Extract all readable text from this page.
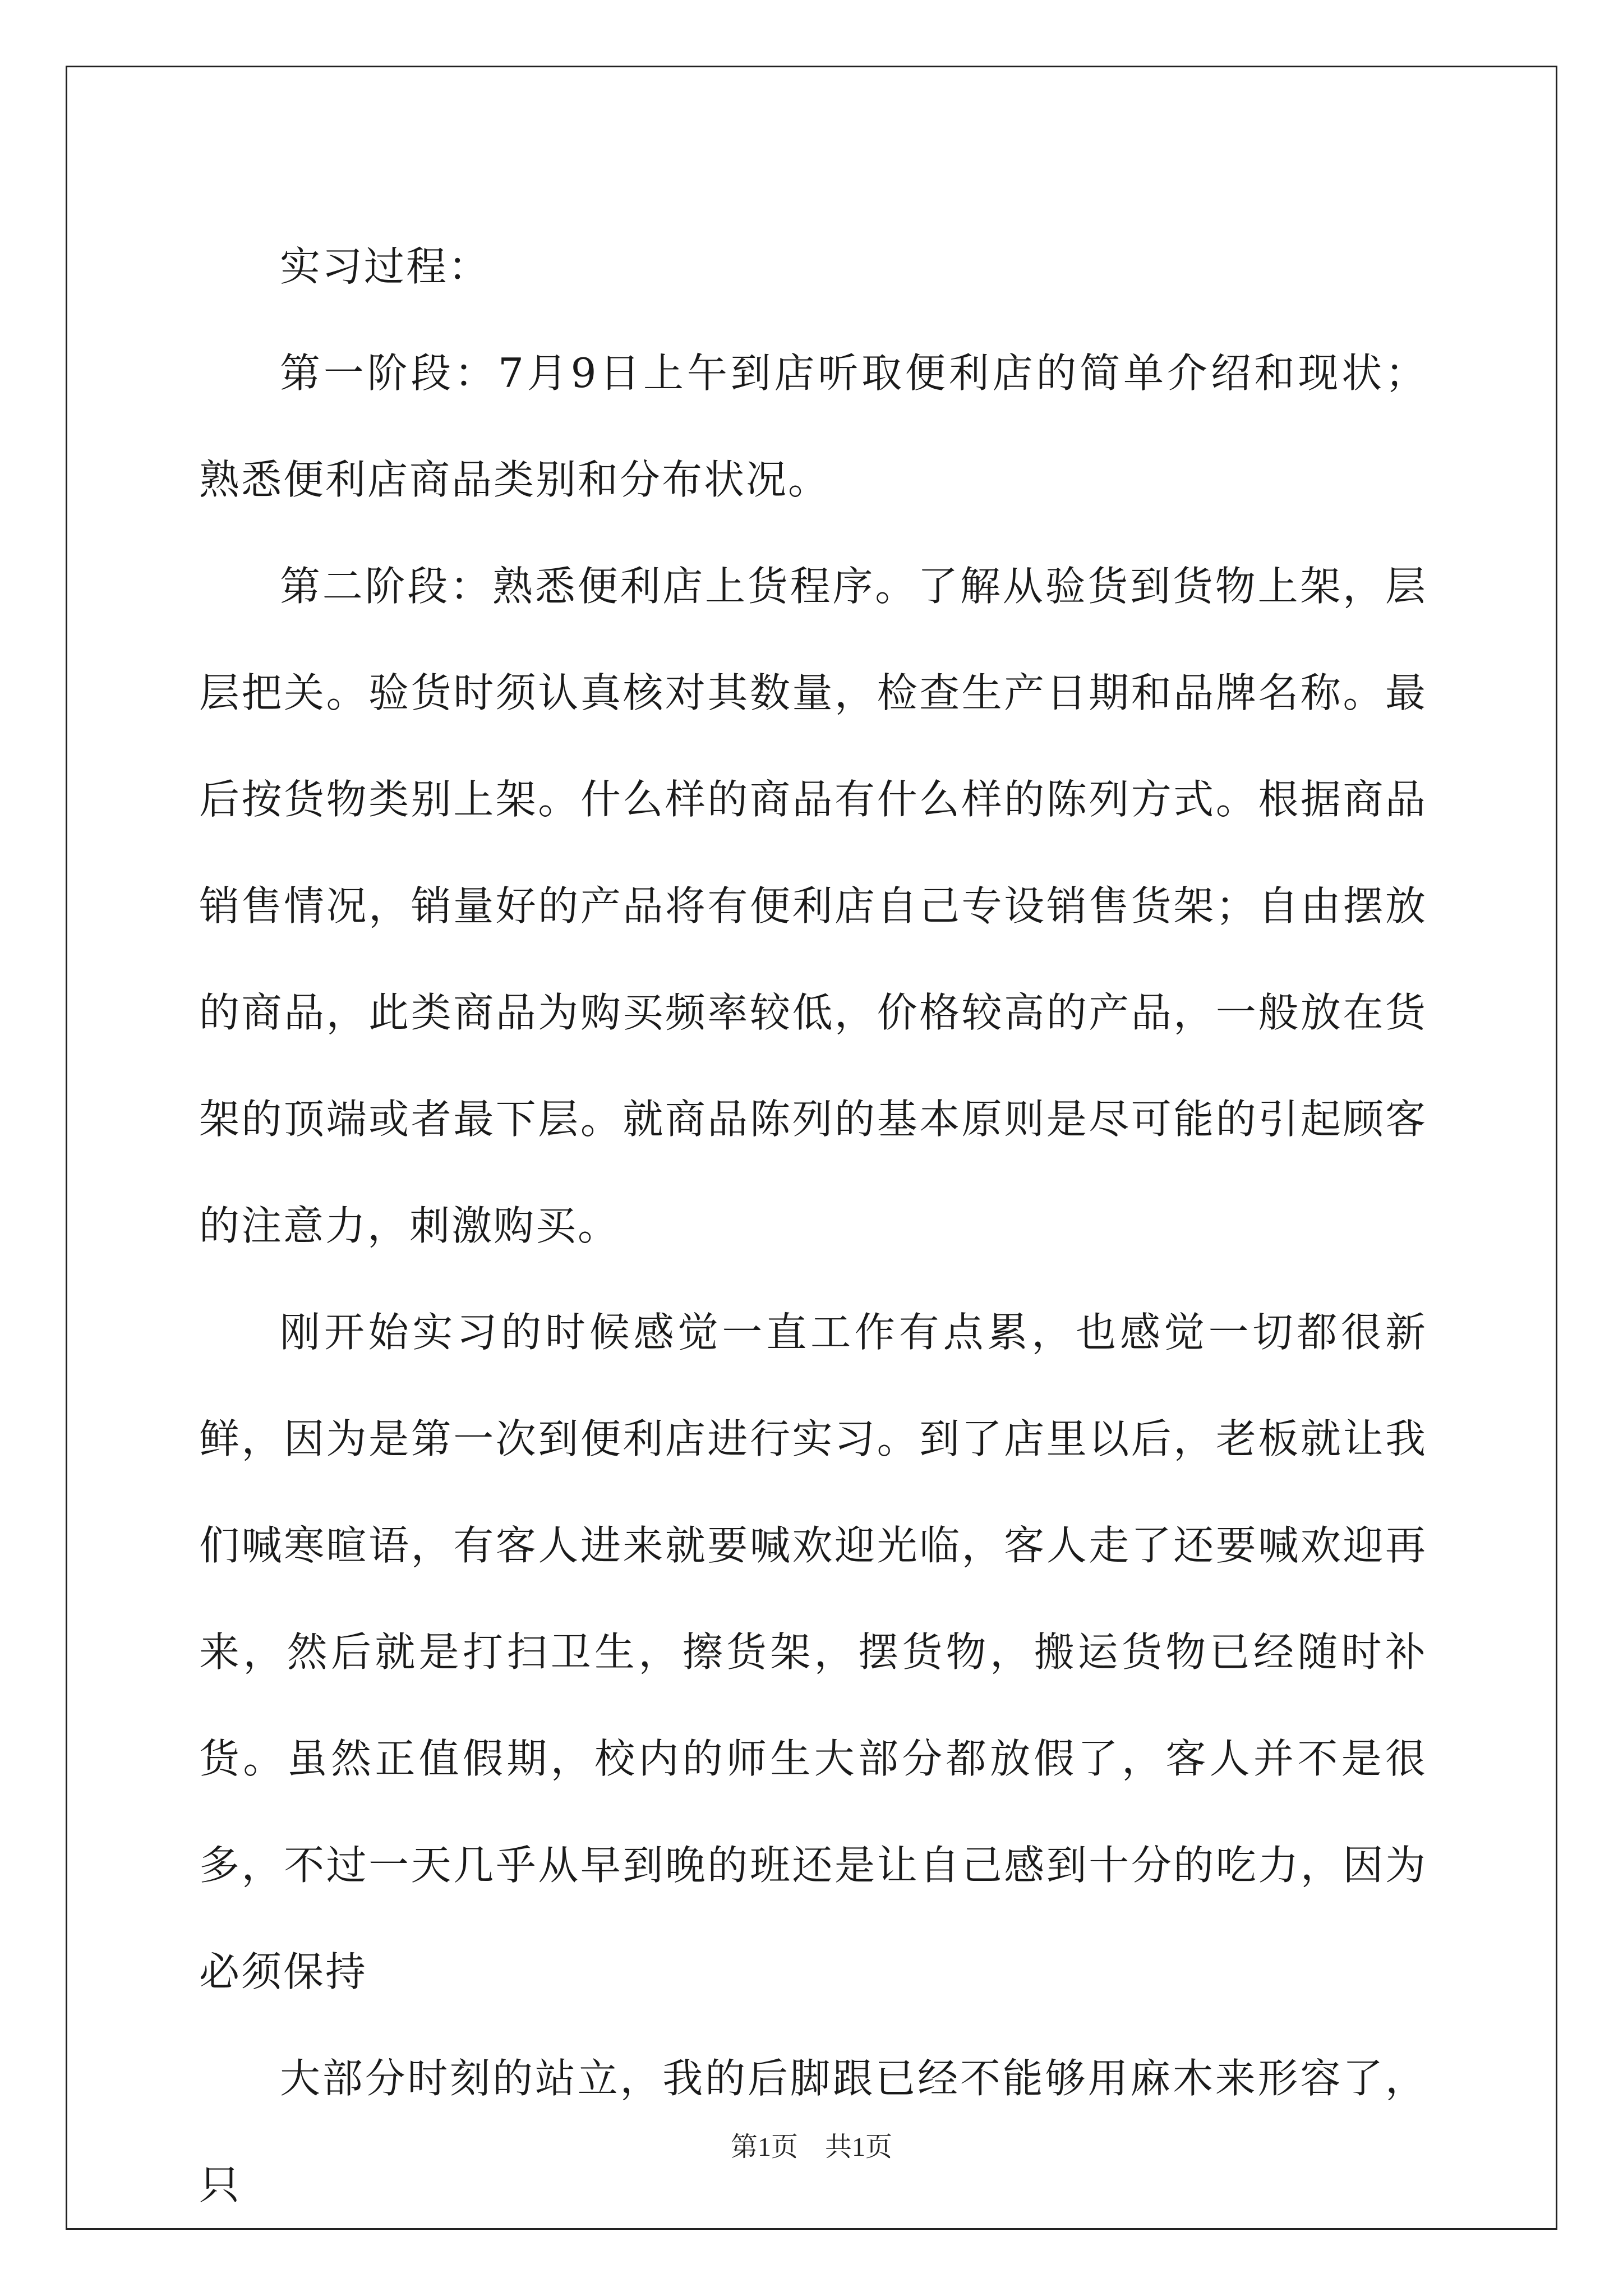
实习过程：

第一阶段：7月9日上午到店听取便利店的简单介绍和现状；熟悉便利店商品类别和分布状况。

第二阶段：熟悉便利店上货程序。了解从验货到货物上架，层层把关。验货时须认真核对其数量，检查生产日期和品牌名称。最后按货物类别上架。什么样的商品有什么样的陈列方式。根据商品销售情况，销量好的产品将有便利店自己专设销售货架；自由摆放的商品，此类商品为购买频率较低，价格较高的产品，一般放在货架的顶端或者最下层。就商品陈列的基本原则是尽可能的引起顾客的注意力，刺激购买。

刚开始实习的时候感觉一直工作有点累，也感觉一切都很新鲜，因为是第一次到便利店进行实习。到了店里以后，老板就让我们喊寒暄语，有客人进来就要喊欢迎光临，客人走了还要喊欢迎再来，然后就是打扫卫生，擦货架，摆货物，搬运货物已经随时补货。虽然正值假期，校内的师生大部分都放假了，客人并不是很多，不过一天几乎从早到晚的班还是让自己感到十分的吃力，因为必须保持

大部分时刻的站立，我的后脚跟已经不能够用麻木来形容了，只

第1页　共1页
